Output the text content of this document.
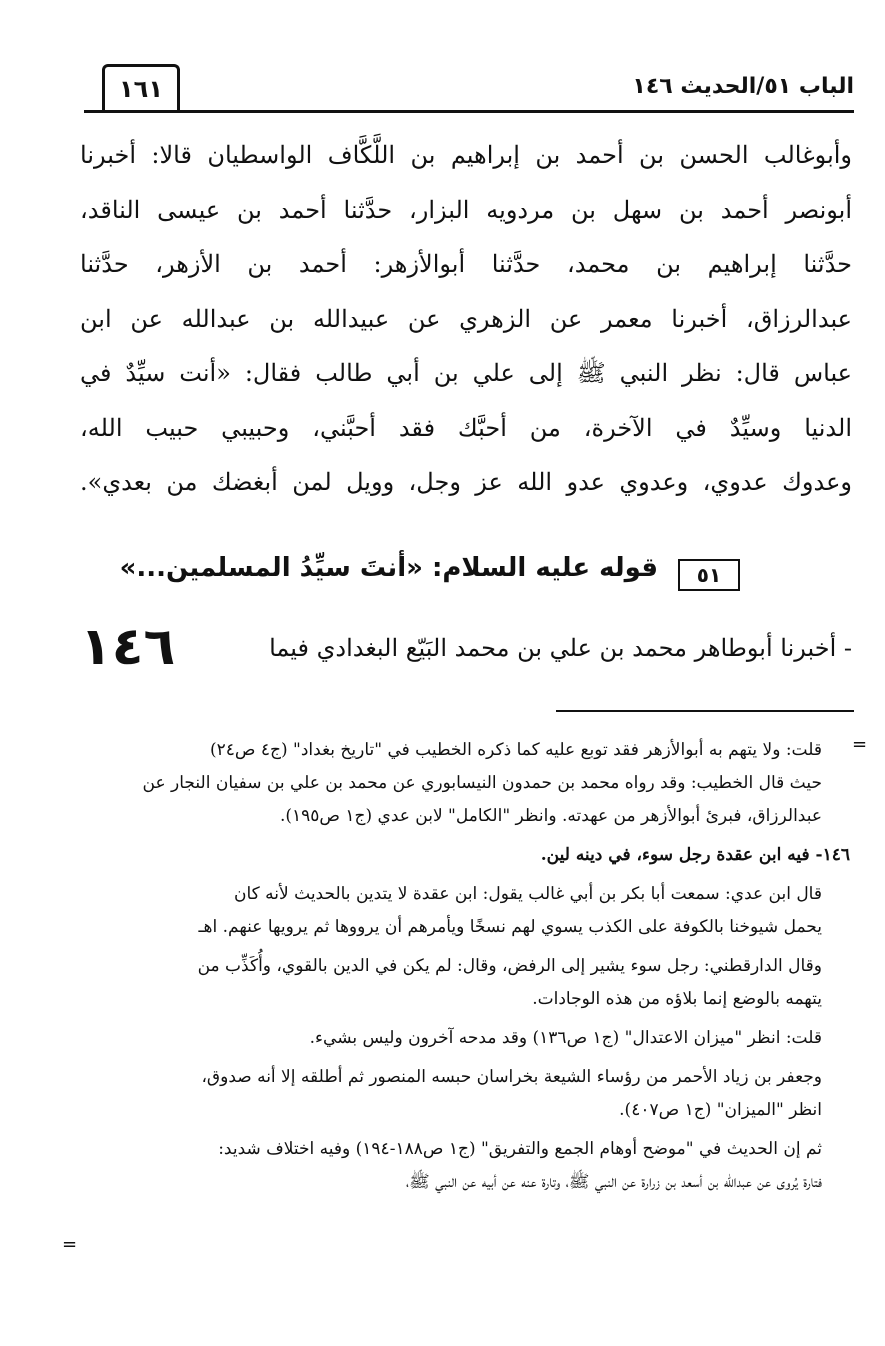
الباب ٥١/الحديث ١٤٦
١٦١
وأبوغالب الحسن بن أحمد بن إبراهيم بن اللَّكَّاف الواسطيان قالا: أخبرنا
أبونصر أحمد بن سهل بن مردويه البزار، حدَّثنا أحمد بن عيسى الناقد،
حدَّثنا إبراهيم بن محمد، حدَّثنا أبوالأزهر: أحمد بن الأزهر، حدَّثنا
عبدالرزاق، أخبرنا معمر عن الزهري عن عبيدالله بن عبدالله عن ابن
عباس قال: نظر النبي ﷺ إلى علي بن أبي طالب فقال: «أنت سيِّدٌ في
الدنيا وسيِّدٌ في الآخرة، من أحبَّك فقد أحبَّني، وحبيبي حبيب الله،
وعدوك عدوي، وعدوي عدو الله عز وجل، وويل لمن أبغضك من بعدي».
٥١
قوله عليه السلام: «أنتَ سيِّدُ المسلمين...»
١٤٦	- أخبرنا أبوطاهر محمد بن علي بن محمد البَيّع البغدادي فيما
=

قلت: ولا يتهم به أبوالأزهر فقد توبع عليه كما ذكره الخطيب في "تاريخ بغداد" (ج٤ ص٢٤)
حيث قال الخطيب: وقد رواه محمد بن حمدون النيسابوري عن محمد بن علي بن سفيان النجار عن
عبدالرزاق، فبرئ أبوالأزهر من عهدته. وانظر "الكامل" لابن عدي (ج١ ص١٩٥).

١٤٦- فيه ابن عقدة رجل سوء، في دينه لين.

قال ابن عدي: سمعت أبا بكر بن أبي غالب يقول: ابن عقدة لا يتدين بالحديث لأنه كان
يحمل شيوخنا بالكوفة على الكذب يسوي لهم نسخًا ويأمرهم أن يرووها ثم يرويها عنهم. اهـ

وقال الدارقطني: رجل سوء يشير إلى الرفض، وقال: لم يكن في الدين بالقوي، وأُكَذِّب من
يتهمه بالوضع إنما بلاؤه من هذه الوجادات.

قلت: انظر "ميزان الاعتدال" (ج١ ص١٣٦) وقد مدحه آخرون وليس بشيء.

وجعفر بن زياد الأحمر من رؤساء الشيعة بخراسان حبسه المنصور ثم أطلقه إلا أنه صدوق،
انظر "الميزان" (ج١ ص٤٠٧).

ثم إن الحديث في "موضح أوهام الجمع والتفريق" (ج١ ص١٨٨-١٩٤) وفيه اختلاف شديد:
فتارة يُروى عن عبدالله بن أسعد بن زرارة عن النبي ﷺ، وتارة عنه عن أبيه عن النبي ﷺ،

=
